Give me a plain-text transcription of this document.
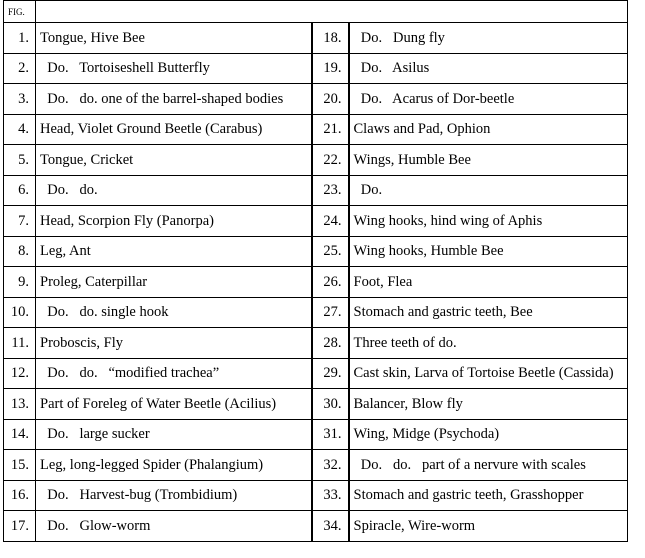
FIG.			
1.	Tongue, Hive Bee	18.	Do.   Dung fly
2.	Do.   Tortoiseshell Butterfly	19.	Do.   Asilus
3.	Do.   do. one of the barrel-shaped bodies	20.	Do.   Acarus of Dor-beetle
4.	Head, Violet Ground Beetle (Carabus)	21.	Claws and Pad, Ophion
5.	Tongue, Cricket	22.	Wings, Humble Bee
6.	Do.   do.	23.	Do.
7.	Head, Scorpion Fly (Panorpa)	24.	Wing hooks, hind wing of Aphis
8.	Leg, Ant	25.	Wing hooks, Humble Bee
9.	Proleg, Caterpillar	26.	Foot, Flea
10.	Do.   do. single hook	27.	Stomach and gastric teeth, Bee
11.	Proboscis, Fly	28.	Three teeth of do.
12.	Do.   do.   “modified trachea”	29.	Cast skin, Larva of Tortoise Beetle (Cassida)
13.	Part of Foreleg of Water Beetle (Acilius)	30.	Balancer, Blow fly
14.	Do.   large sucker	31.	Wing, Midge (Psychoda)
15.	Leg, long-legged Spider (Phalangium)	32.	Do.   do.   part of a nervure with scales
16.	Do.   Harvest-bug (Trombidium)	33.	Stomach and gastric teeth, Grasshopper
17.	Do.   Glow-worm	34.	Spiracle, Wire-worm
